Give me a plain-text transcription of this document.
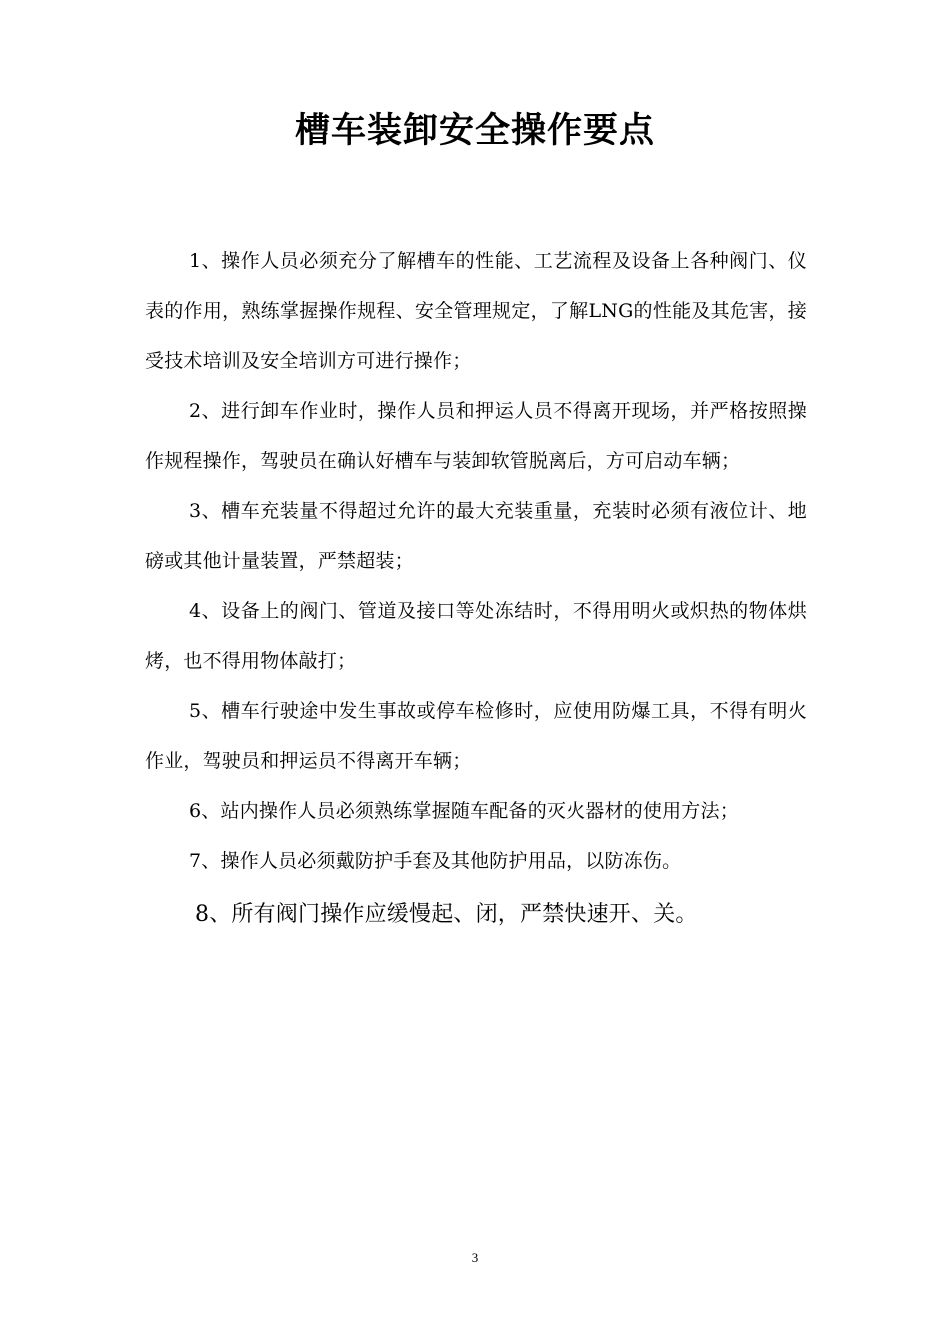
槽车装卸安全操作要点

1、操作人员必须充分了解槽车的性能、工艺流程及设备上各种阀门、仪表的作用，熟练掌握操作规程、安全管理规定，了解LNG的性能及其危害，接受技术培训及安全培训方可进行操作；

2、进行卸车作业时，操作人员和押运人员不得离开现场，并严格按照操作规程操作，驾驶员在确认好槽车与装卸软管脱离后，方可启动车辆；

3、槽车充装量不得超过允许的最大充装重量，充装时必须有液位计、地磅或其他计量装置，严禁超装；

4、设备上的阀门、管道及接口等处冻结时，不得用明火或炽热的物体烘烤，也不得用物体敲打；

5、槽车行驶途中发生事故或停车检修时，应使用防爆工具，不得有明火作业，驾驶员和押运员不得离开车辆；

6、站内操作人员必须熟练掌握随车配备的灭火器材的使用方法；

7、操作人员必须戴防护手套及其他防护用品，以防冻伤。

8、所有阀门操作应缓慢起、闭，严禁快速开、关。

3
